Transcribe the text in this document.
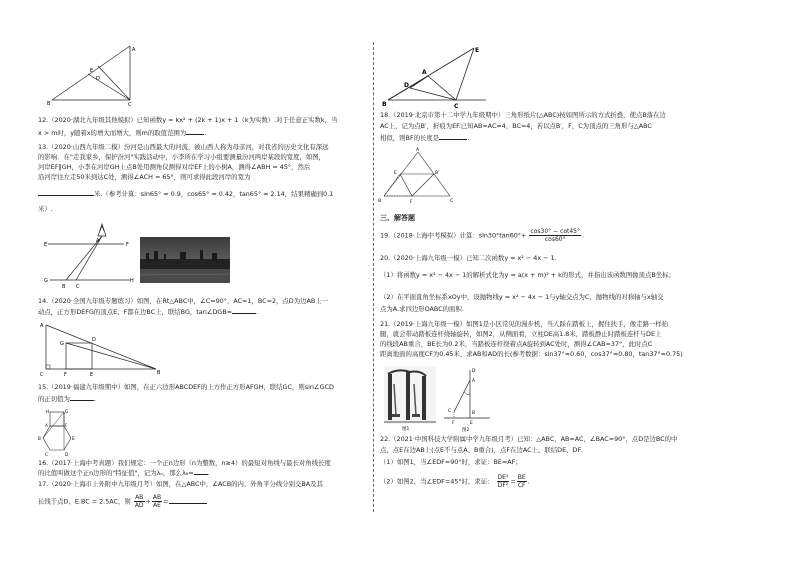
A
E
D
B	C
12.（2020·湖北九年级其他模拟）已知函数y = kx² + (2k + 1)x + 1（k为实数）.对于任意正实数k，当
x > m时，y随着x的增大而增大，则m的取值范围为	.
13.（2020·山西九年级二模）汾河是山西最大的河流，被山西人称为母亲河，对我省的历史文化有深远
的影响．在"走我家乡，保护汾河"实践活动中，小李所在学习小组要测量汾河两岸某段的宽度，如图，
河岸EF∥GH，小李在河岸GH上点B处用测角仪测得对岸EF上的小树A，测得∠ABH = 45°，然后
沿河岸往左走50米到达C处，测得∠ACH = 65°，则可求得此段河岸的宽为
米.（参考计算：sin65° ≈ 0.9，cos65° ≈ 0.42，tan65° ≈ 2.14，结果精确到0.1
米）.
A
E	F
G
B C
H
14.（2020·全国九年级专题练习）如图，在Rt△ABC中，∠C=90°，AC=1，BC=2，点D为边AB上一
动点，正方形DEFG的顶点E、F都在边BC上，联结BG，tan∠DGB=	.
A
G
D
C	F	E	B
15.（2019·福建九年级期中）如图，在正六边形ABCDEF的上方作正方形AFGH，联结GC，则sin∠GCD
的正切值为	.
H	G
A	F
B	E
C	D
16.（2017·上海中考真题）我们规定：一个正n边形（n为整数，n≥4）的最短对角线与最长对角线长度
的比值叫做这个正n边形的"特征值"，记为λₙ，那么λ₆= .
17.（2020·上海市上外附中九年级月考）如图，在△ABC中，∠ACB的内、外角平分线分别交BA及其
长线于点D、E.BC = 2.5AC，则 $\frac{AB}{AD} + \frac{AB}{AE}$ =
E
A
D
B	C
18.（2019·北京市第十二中学九年级期中）三角形纸片(△ABC)按如图所示的方式折叠，使点B落在边
AC上，记为点B′，折痕为EF.已知AB=AC=4，BC=4，若以点B′，F，C为顶点的三角形与△ABC
相似，则BF的长度是	.
A
E	B'
B	F	C
三、解答题
19.（2018·上海中考模拟）计算：$\sin 30^\circ\tan 60^\circ+ \frac{\cos 30^\circ - \cot 45^\circ}{\cos 60^\circ}$ .
20.（2020·上海九年级一模）已知二次函数y = x² − 4x − 1.
（1）将函数y = x² − 4x − 1的解析式化为y = a(x + m)² + k的形式，并指出该函数图像顶点B坐标；
（2）在平面直角坐标系xOy中，设抛物线y = x² − 4x − 1与y轴交点为C，抛物线的对称轴与x轴交
点为A.求四边形OABC的面积.
21.（2019·上海九年级一模）如图1是小区常见的漫步机，当人踩在踏板上，握住扶手，像走路一样抬
腿，就会带动踏板连杆绕轴旋转，如图2，从侧面看，立柱DE高1.8米，踏板静止时踏板连杆与DE上
的线段AB重合，BE长为0.2米，当踏板连杆绕着点A旋转到AC处时，测得∠CAB=37°，此时点C
距离地面的高度CF为0.45米，求AB和AD的长(参考数据：sin37°≈0.60，cos37°≈0.80，tan37°≈0.75)
图1
D
A
C	B
E
F
图2
22.（2021·中国科技大学附属中学九年级月考）已知：△ABC，AB=AC，∠BAC=90°，点D是边BC的中
点，点E在边AB上(点E不与点A、B重合)，点F在边AC上，联结DE、DF.
（1）如图1，当∠EDF=90°时，求证：BE=AF；
（2）如图2，当∠EDF=45°时，求证： $\frac{\text{DE²}}{\text{DF²}} = \frac{BE}{CF}$ .
